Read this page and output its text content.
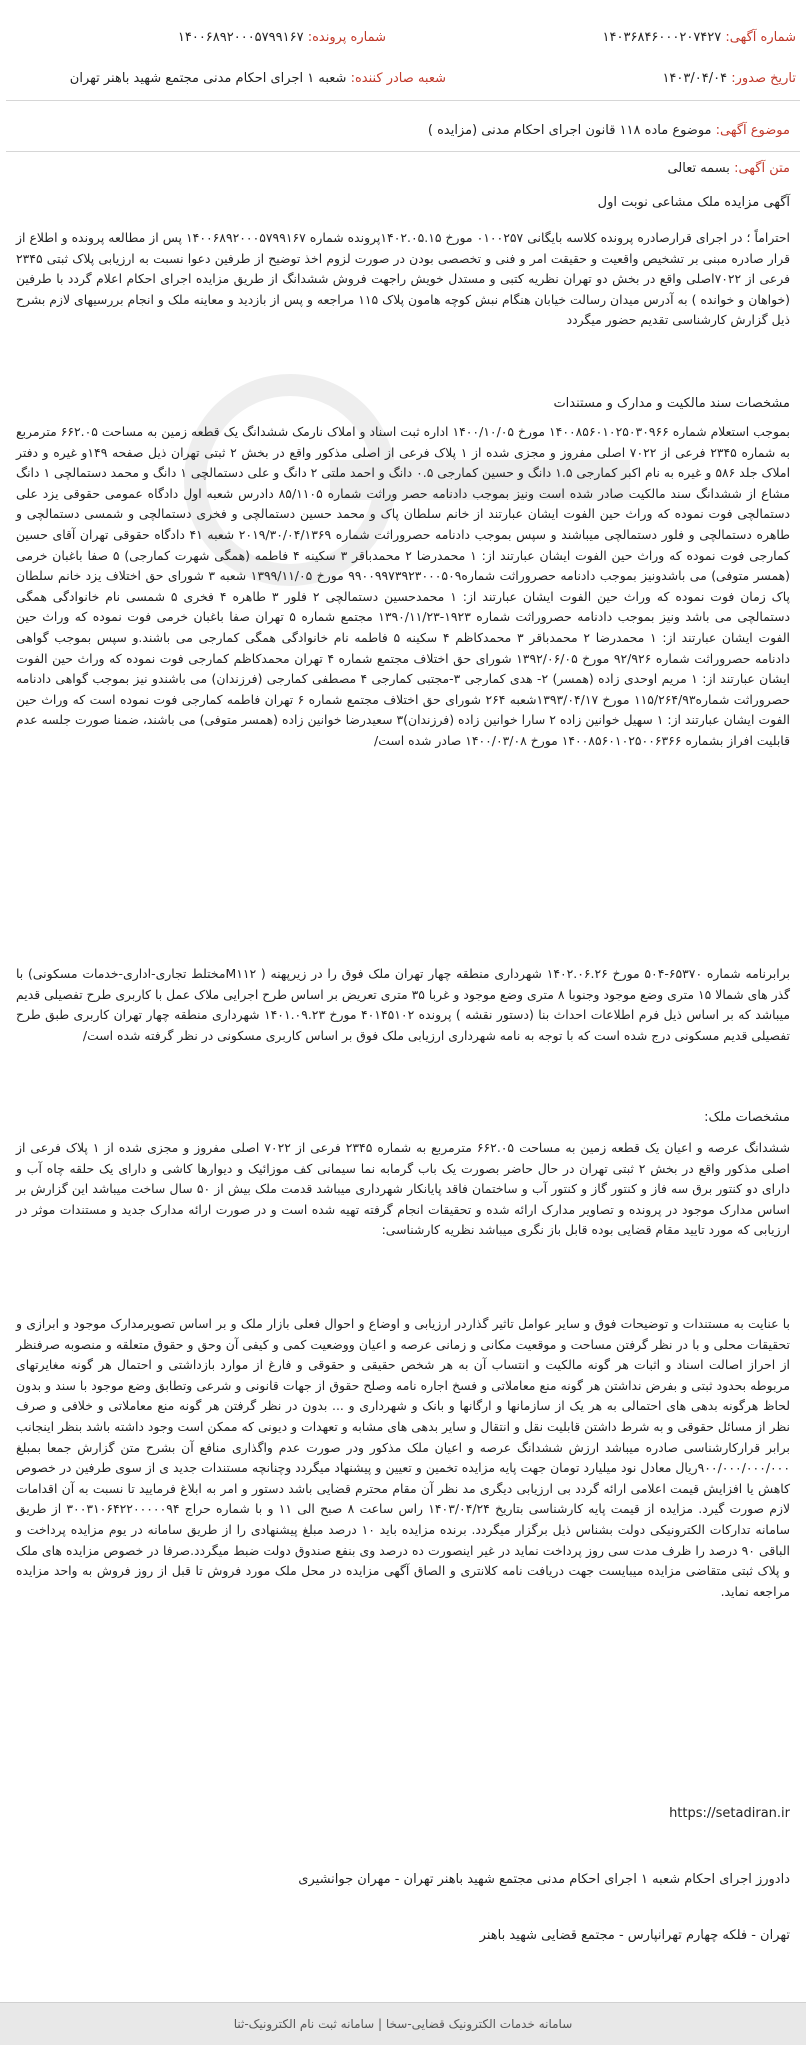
شماره آگهی: ۱۴۰۳۶۸۴۶۰۰۰۲۰۷۴۲۷
شماره پرونده: ۱۴۰۰۶۸۹۲۰۰۰۵۷۹۹۱۶۷
تاریخ صدور: ۱۴۰۳/۰۴/۰۴
شعبه صادر کننده: شعبه ۱ اجرای احکام مدنی مجتمع شهید باهنر تهران
موضوع آگهی: موضوع ماده ۱۱۸ قانون اجرای احکام مدنی (مزایده )
متن آگهی: بسمه تعالی
آگهی مزایده ملک مشاعی نوبت اول
احتراماً ؛ در اجرای قرارصادره پرونده کلاسه بایگانی ۰۱۰۰۲۵۷ مورخ ۱۴۰۲.۰۵.۱۵پرونده شماره ۱۴۰۰۶۸۹۲۰۰۰۵۷۹۹۱۶۷ پس از مطالعه پرونده و اطلاع از قرار صادره مبنی بر تشخیص واقعیت و حقیقت امر و فنی و تخصصی بودن در صورت لزوم اخذ توضیح از طرفین دعوا نسبت به ارزیابی پلاک ثبتی ۲۳۴۵ فرعی از ۷۰۲۲اصلی واقع در بخش دو تهران نظریه کتبی و مستدل خویش راجهت فروش ششدانگ از طریق مزایده اجرای احکام اعلام گردد با طرفین (خواهان و خوانده ) به آدرس میدان رسالت خیابان هنگام نبش کوچه هامون پلاک ۱۱۵ مراجعه و پس از بازدید و معاینه ملک و انجام بررسیهای لازم بشرح ذیل گزارش کارشناسی تقدیم حضور میگردد
مشخصات سند مالکیت و مدارک و مستندات
بموجب استعلام شماره ۱۴۰۰۸۵۶۰۱۰۲۵۰۳۰۹۶۶ مورخ ۱۴۰۰/۱۰/۰۵ اداره ثبت اسناد و املاک نارمک ششدانگ یک قطعه زمین به مساحت ۶۶۲.۰۵ مترمربع به شماره ۲۳۴۵ فرعی از ۷۰۲۲ اصلی مفروز و مجزی شده از ۱ پلاک فرعی از اصلی مذکور واقع در بخش ۲ ثبتی تهران ذیل صفحه ۱۴۹و غیره و دفتر املاک جلد ۵۸۶ و غیره به نام اکبر کمارجی ۱.۵ دانگ و حسین کمارجی ۰.۵ دانگ و احمد ملتی ۲ دانگ و علی دستمالچی ۱ دانگ و محمد دستمالچی ۱ دانگ مشاع از ششدانگ سند مالکیت صادر شده است ونیز بموجب دادنامه حصر وراثت شماره ۸۵/۱۱۰۵ دادرس شعبه اول دادگاه عمومی حقوقی یزد علی دستمالچی فوت نموده که وراث حین الفوت ایشان عبارتند از خانم سلطان پاک و محمد حسین دستمالچی و فخری دستمالچی و شمسی دستمالچی و طاهره دستمالچی و فلور دستمالچی میباشند و سپس بموجب دادنامه حصروراثت شماره ۲۰۱۹/۳۰/۰۴/۱۳۶۹ شعبه ۴۱ دادگاه حقوقی تهران آقای حسین کمارجی فوت نموده که وراث حین الفوت ایشان عبارتند از: ۱ محمدرضا ۲ محمدباقر ۳ سکینه ۴ فاطمه (همگی شهرت کمارجی) ۵ صفا باغبان خرمی (همسر متوفی) می باشدونیز بموجب دادنامه حصروراثت شماره۹۹۰۰۹۹۷۳۹۲۳۰۰۰۵۰۹ مورخ ۱۳۹۹/۱۱/۰۵ شعبه ۳ شورای حق اختلاف یزد خانم سلطان پاک زمان فوت نموده که وراث حین الفوت ایشان عبارتند از: ۱ محمدحسین دستمالچی ۲ فلور ۳ طاهره ۴ فخری ۵ شمسی نام خانوادگی همگی دستمالچی می باشد ونیز بموجب دادنامه حصروراثت شماره ۱۹۲۳-۱۳۹۰/۱۱/۲۳ مجتمع شماره ۵ تهران صفا باغبان خرمی فوت نموده که وراث حین الفوت ایشان عبارتند از: ۱ محمدرضا ۲ محمدباقر ۳ محمدکاظم ۴ سکینه ۵ فاطمه نام خانوادگی همگی کمارجی می باشند.و سپس بموجب گواهی دادنامه حصروراثت شماره ۹۲/۹۲۶ مورخ ۱۳۹۲/۰۶/۰۵ شورای حق اختلاف مجتمع شماره ۴ تهران محمدکاظم کمارجی فوت نموده که وراث حین الفوت ایشان عبارتند از: ۱ مریم اوحدی زاده (همسر) ۲- هدی کمارجی ۳-مجتبی کمارجی ۴ مصطفی کمارجی (فرزندان) می باشندو نیز بموجب گواهی دادنامه حصروراثت شماره۱۱۵/۲۶۴/۹۳ مورخ ۱۳۹۳/۰۴/۱۷شعبه ۲۶۴ شورای حق اختلاف مجتمع شماره ۶ تهران فاطمه کمارجی فوت نموده است که وراث حین الفوت ایشان عبارتند از: ۱ سهیل خوانین زاده ۲ سارا خوانین زاده (فرزندان)۳ سعیدرضا خوانین زاده (همسر متوفی) می باشند، ضمنا صورت جلسه عدم قابلیت افراز بشماره ۱۴۰۰۸۵۶۰۱۰۲۵۰۰۶۳۶۶ مورخ ۱۴۰۰/۰۳/۰۸ صادر شده است/
برابرنامه شماره ۶۵۳۷۰-۵۰۴ مورخ ۱۴۰۲.۰۶.۲۶ شهرداری منطقه چهار تهران ملک فوق را در زیرپهنه ( M۱۱۲مختلط تجاری-اداری-خدمات مسکونی) با گذر های شمالا ۱۵ متری وضع موجود وجنوبا ۸ متری وضع موجود و غربا ۳۵ متری تعریض بر اساس طرح اجرایی ملاک عمل با کاربری طرح تفصیلی قدیم میباشد که بر اساس ذیل فرم اطلاعات احداث بنا (دستور نقشه ) پرونده ۴۰۱۴۵۱۰۲ مورخ ۱۴۰۱.۰۹.۲۳ شهرداری منطقه چهار تهران کاربری طبق طرح تفصیلی قدیم مسکونی درج شده است که با توجه به نامه شهرداری ارزیابی ملک فوق بر اساس کاربری مسکونی در نظر گرفته شده است/
مشخصات ملک:
ششدانگ عرصه و اعیان یک قطعه زمین به مساحت ۶۶۲.۰۵ مترمربع به شماره ۲۳۴۵ فرعی از ۷۰۲۲ اصلی مفروز و مجزی شده از ۱ پلاک فرعی از اصلی مذکور واقع در بخش ۲ ثبتی تهران در حال حاضر بصورت یک باب گرمابه نما سیمانی کف موزائیک و دیوارها کاشی و دارای یک حلقه چاه آب و دارای دو کنتور برق سه فاز و کنتور گاز و کنتور آب و ساختمان فاقد پایانکار شهرداری میباشد قدمت ملک بیش از ۵۰ سال ساخت میباشد این گزارش بر اساس مدارک موجود در پرونده و تصاویر مدارک ارائه شده و تحقیقات انجام گرفته تهیه شده است و در صورت ارائه مدارک جدید و مستندات موثر در ارزیابی که مورد تایید مقام قضایی بوده قابل باز نگری میباشد نظریه کارشناسی:
با عنایت به مستندات و توضیحات فوق و سایر عوامل تاثیر گذاردر ارزیابی و اوضاع و احوال فعلی بازار ملک و بر اساس تصویرمدارک موجود و ابرازی و تحقیقات محلی و با در نظر گرفتن مساحت و موقعیت مکانی و زمانی عرصه و اعیان ووضعیت کمی و کیفی آن وحق و حقوق متعلقه و منصوبه صرفنظر از احراز اصالت اسناد و اثبات هر گونه مالکیت و انتساب آن به هر شخص حقیقی و حقوقی و فارغ از موارد بازداشتی و احتمال هر گونه مغایرتهای مربوطه بحدود ثبتی و بفرض نداشتن هر گونه منع معاملاتی و فسخ اجاره نامه وصلح حقوق از جهات قانونی و شرعی وتطابق وضع موجود با سند و بدون لحاظ هرگونه بدهی های احتمالی به هر یک از سازمانها و ارگانها و بانک و شهرداری و ... بدون در نظر گرفتن هر گونه منع معاملاتی و خلافی و صرف نظر از مسائل حقوقی و به شرط داشتن قابلیت نقل و انتقال و سایر بدهی های مشابه و تعهدات و دیونی که ممکن است وجود داشته باشد بنظر اینجانب برابر قرارکارشناسی صادره میباشد ارزش ششدانگ عرصه و اعیان ملک مذکور ودر صورت عدم واگذاری منافع آن بشرح متن گزارش جمعا بمبلغ ۹۰۰/۰۰۰/۰۰۰/۰۰۰ریال معادل نود میلیارد تومان جهت پایه مزایده تخمین و تعیین و پیشنهاد میگردد وچنانچه مستندات جدید ی از سوی طرفین در خصوص کاهش یا افزایش قیمت اعلامی ارائه گردد بی ارزیابی دیگری مد نظر آن مقام محترم قضایی باشد دستور و امر به ابلاغ فرمایید تا نسبت به آن اقدامات لازم صورت گیرد. مزایده از قیمت پایه کارشناسی بتاریخ ۱۴۰۳/۰۴/۲۴ راس ساعت ۸ صبح الی ۱۱ و با شماره حراج ۳۰۰۳۱۰۶۴۲۲۰۰۰۰۰۹۴ از طریق سامانه تدارکات الکترونیکی دولت بشناس ذیل برگزار میگردد. برنده مزایده باید ۱۰ درصد مبلغ پیشنهادی را از طریق سامانه در یوم مزایده پرداخت و الباقی ۹۰ درصد را ظرف مدت سی روز پرداخت نماید در غیر اینصورت ده درصد وی بنفع صندوق دولت ضبط میگردد.صرفا در خصوص مزایده های ملک و پلاک ثبتی متقاضی مزایده میبایست جهت دریافت نامه کلانتری و الصاق آگهی مزایده در محل ملک مورد فروش تا قبل از روز فروش به واحد مزایده مراجعه نماید.
https://setadiran.ir
دادورز اجرای احکام شعبه ۱ اجرای احکام مدنی مجتمع شهید باهنر تهران - مهران جوانشیری
تهران - فلکه چهارم تهرانپارس - مجتمع قضایی شهید باهنر
سامانه خدمات الکترونیک قضایی-سخا | سامانه ثبت نام الکترونیک-ثنا
